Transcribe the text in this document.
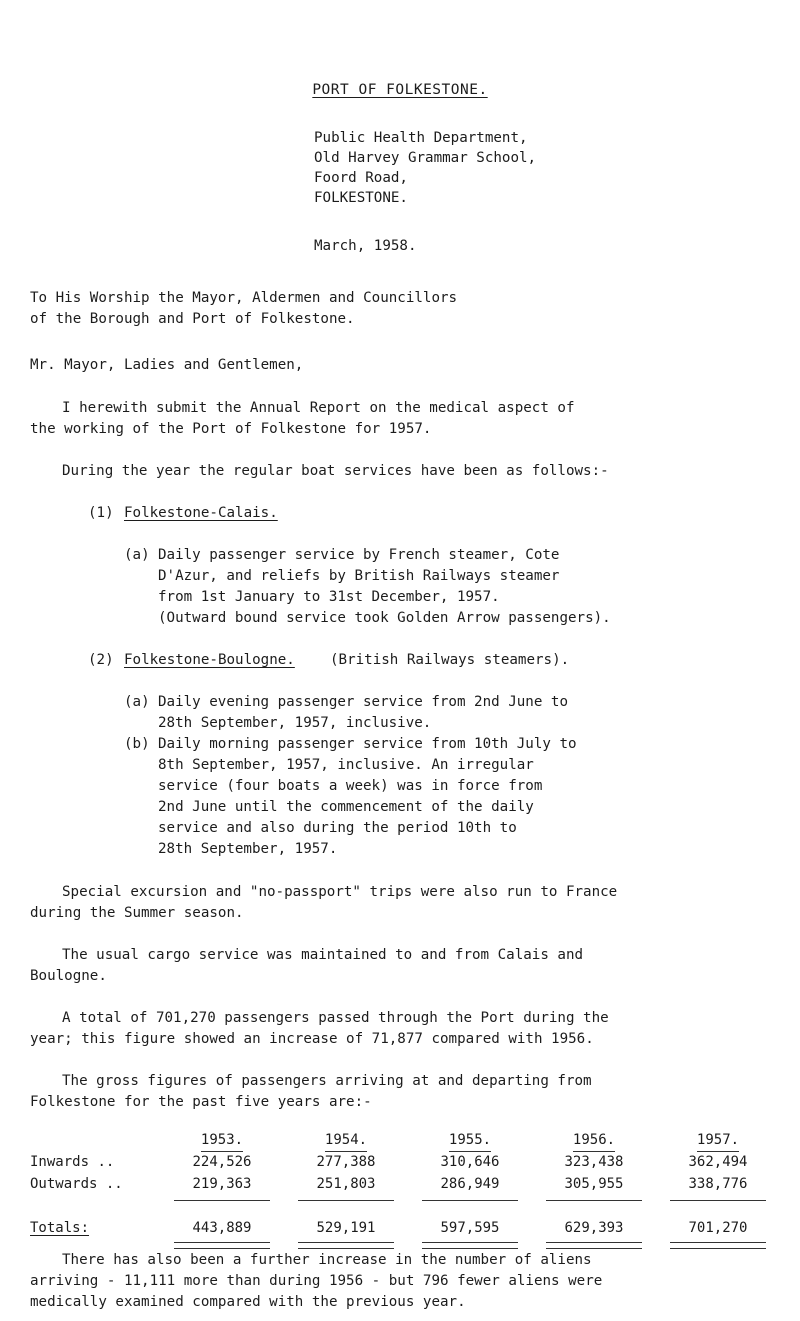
PORT OF FOLKESTONE.
Public Health Department,
Old Harvey Grammar School,
Foord Road,
FOLKESTONE.
March, 1958.
To His Worship the Mayor, Aldermen and Councillors
of the Borough and Port of Folkestone.
Mr. Mayor, Ladies and Gentlemen,
I herewith submit the Annual Report on the medical aspect of
the working of the Port of Folkestone for 1957.
During the year the regular boat services have been as follows:-
(1) Folkestone-Calais.
(a) Daily passenger service by French steamer, Cote
D'Azur, and reliefs by British Railways steamer
from 1st January to 31st December, 1957.
(Outward bound service took Golden Arrow passengers).
(2) Folkestone-Boulogne. (British Railways steamers).
(a) Daily evening passenger service from 2nd June to
28th September, 1957, inclusive.
(b) Daily morning passenger service from 10th July to
8th September, 1957, inclusive. An irregular
service (four boats a week) was in force from
2nd June until the commencement of the daily
service and also during the period 10th to
28th September, 1957.
Special excursion and "no-passport" trips were also run to France
during the Summer season.
The usual cargo service was maintained to and from Calais and
Boulogne.
A total of 701,270 passengers passed through the Port during the
year; this figure showed an increase of 71,877 compared with 1956.
The gross figures of passengers arriving at and departing from
Folkestone for the past five years are:-
	1953.	1954.	1955.	1956.	1957.
Inwards ..	224,526	277,388	310,646	323,438	362,494
Outwards ..	219,363	251,803	286,949	305,955	338,776

Totals:	443,889	529,191	597,595	629,393	701,270

There has also been a further increase in the number of aliens
arriving - 11,111 more than during 1956 - but 796 fewer aliens were
medically examined compared with the previous year.
